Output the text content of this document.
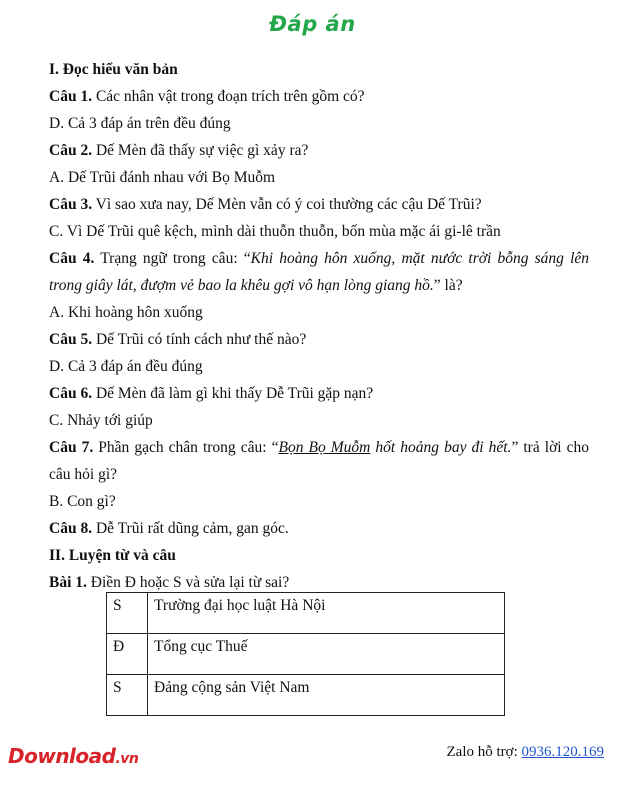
Đáp án
I. Đọc hiểu văn bản
Câu 1. Các nhân vật trong đoạn trích trên gồm có?
D. Cả 3 đáp án trên đều đúng
Câu 2. Dế Mèn đã thấy sự việc gì xảy ra?
A. Dế Trũi đánh nhau với Bọ Muỗm
Câu 3. Vì sao xưa nay, Dế Mèn vẫn có ý coi thường các cậu Dế Trũi?
C. Vì Dế Trũi quê kệch, mình dài thuỗn thuỗn, bốn mùa mặc ái gi-lê trần
Câu 4. Trạng ngữ trong câu: “Khi hoàng hôn xuống, mặt nước trời bỗng sáng lên trong giây lát, đượm vẻ bao la khêu gợi vô hạn lòng giang hồ.” là?
A. Khi hoàng hôn xuống
Câu 5. Dế Trũi có tính cách như thế nào?
D. Cả 3 đáp án đều đúng
Câu 6. Dế Mèn đã làm gì khi thấy Dễ Trũi gặp nạn?
C. Nhảy tới giúp
Câu 7. Phần gạch chân trong câu: “Bọn Bọ Muỗm hốt hoảng bay đi hết.” trả lời cho câu hỏi gì?
B. Con gì?
Câu 8. Dễ Trũi rất dũng cảm, gan góc.
II. Luyện từ và câu
Bài 1. Điền Đ hoặc S và sửa lại từ sai?
S	Trường đại học luật Hà Nội
Đ	Tổng cục Thuế
S	Đảng cộng sản Việt Nam
Download.vn	Zalo hỗ trợ: 0936.120.169
